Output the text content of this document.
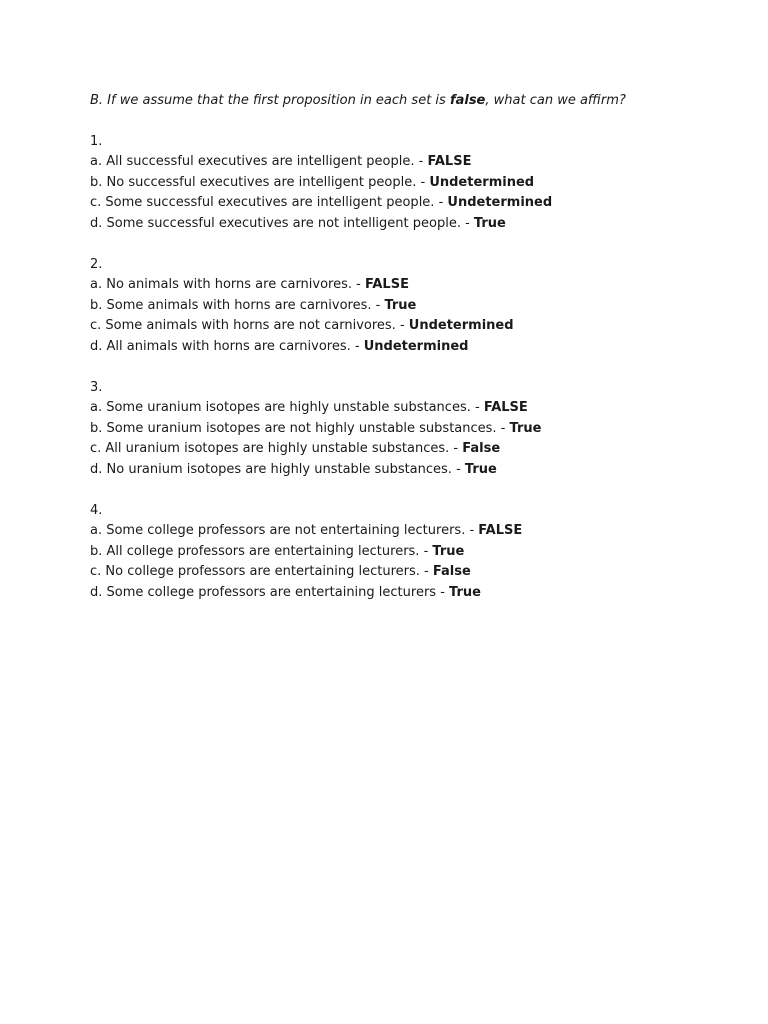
B. If we assume that the first proposition in each set is false, what can we affirm?

1.

a. All successful executives are intelligent people. - FALSE

b. No successful executives are intelligent people. - Undetermined

c. Some successful executives are intelligent people. - Undetermined

d. Some successful executives are not intelligent people. - True

2.

a. No animals with horns are carnivores. - FALSE

b. Some animals with horns are carnivores. - True

c. Some animals with horns are not carnivores. - Undetermined

d. All animals with horns are carnivores. - Undetermined

3.

a. Some uranium isotopes are highly unstable substances. - FALSE

b. Some uranium isotopes are not highly unstable substances. - True

c. All uranium isotopes are highly unstable substances. - False

d. No uranium isotopes are highly unstable substances. - True

4.

a. Some college professors are not entertaining lecturers. - FALSE

b. All college professors are entertaining lecturers. - True

c. No college professors are entertaining lecturers. - False

d. Some college professors are entertaining lecturers - True
